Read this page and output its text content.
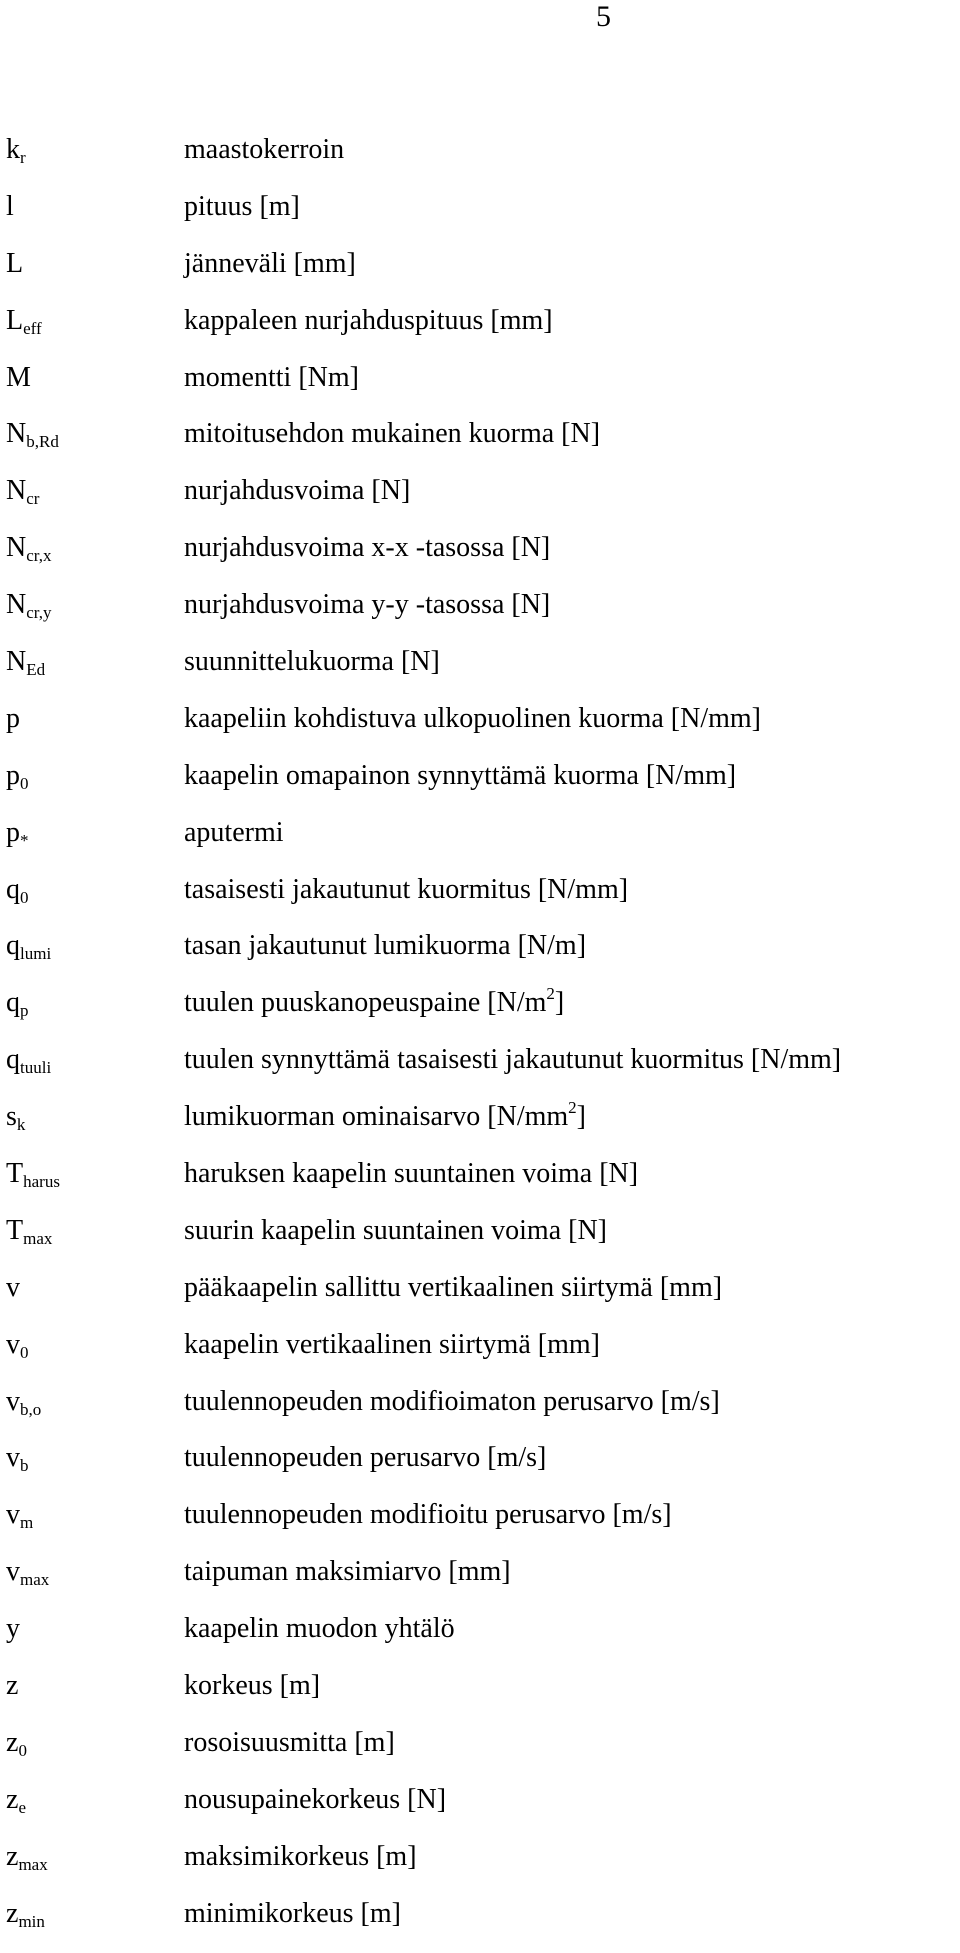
5
$k_r$	maastokerroin
l	pituus [m]
L	jänneväli [mm]
$L_{eff}$	kappaleen nurjahduspituus [mm]
M	momentti [Nm]
$N_{b,Rd}$	mitoitusehdon mukainen kuorma [N]
$N_{cr}$	nurjahdusvoima [N]
$N_{cr,x}$	nurjahdusvoima x-x -tasossa [N]
$N_{cr,y}$	nurjahdusvoima y-y -tasossa [N]
$N_{Ed}$	suunnittelukuorma [N]
p	kaapeliin kohdistuva ulkopuolinen kuorma [N/mm]
$p_0$	kaapelin omapainon synnyttämä kuorma [N/mm]
$p_*$	aputermi
$q_0$	tasaisesti jakautunut kuormitus [N/mm]
$q_{lumi}$	tasan jakautunut lumikuorma [N/m]
$q_p$	tuulen puuskanopeuspaine $[N/m^2]$
$q_{tuuli}$	tuulen synnyttämä tasaisesti jakautunut kuormitus [N/mm]
$s_k$	lumikuorman ominaisarvo $[N/mm^2]$
$T_{harus}$	haruksen kaapelin suuntainen voima [N]
$T_{max}$	suurin kaapelin suuntainen voima [N]
v	pääkaapelin sallittu vertikaalinen siirtymä [mm]
$v_0$	kaapelin vertikaalinen siirtymä [mm]
$v_{b,o}$	tuulennopeuden modifioimaton perusarvo [m/s]
$v_b$	tuulennopeuden perusarvo [m/s]
$v_m$	tuulennopeuden modifioitu perusarvo [m/s]
$v_{max}$	taipuman maksimiarvo [mm]
y	kaapelin muodon yhtälö
z	korkeus [m]
$z_0$	rosoisuusmitta [m]
$z_e$	nousupainekorkeus [N]
$z_{max}$	maksimikorkeus [m]
$z_{min}$	minimikorkeus [m]
